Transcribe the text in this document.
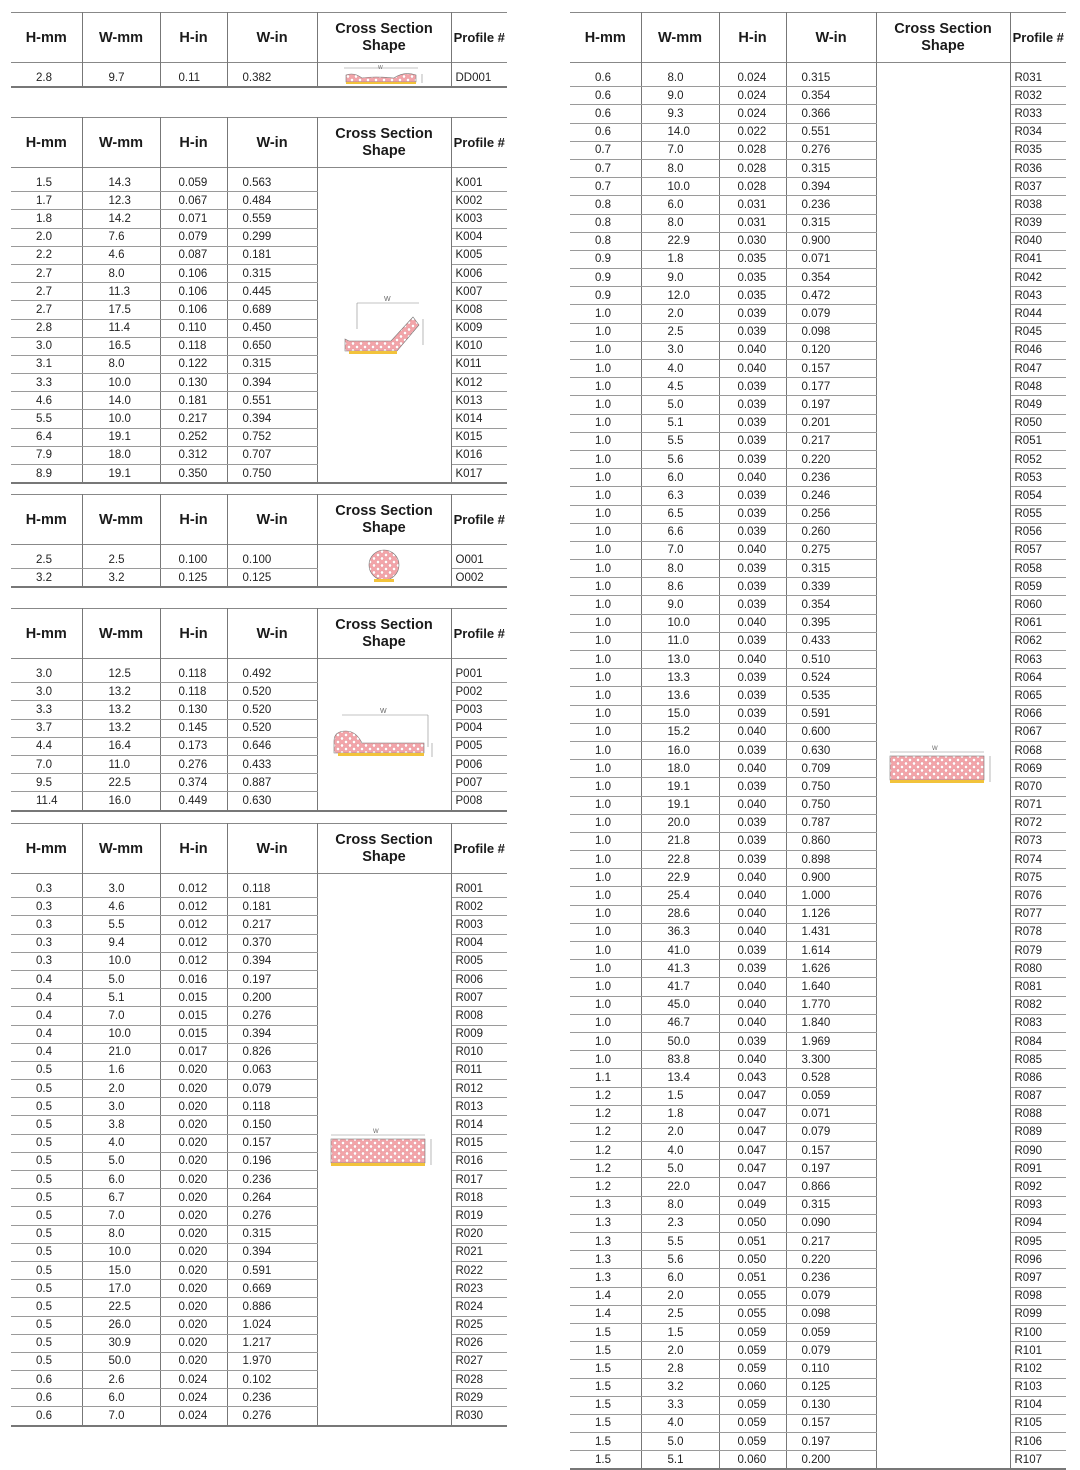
H-mm	W-mm	H-in	W-in	Cross Section
Shape	Profile #

W	

2.8	9.7	0.11	0.382		DD001
H-mm	W-mm	H-in	W-in	Cross Section
Shape	Profile #

W	

1.5	14.3	0.059	0.563		K001
1.7	12.3	0.067	0.484		K002
1.8	14.2	0.071	0.559		K003
2.0	7.6	0.079	0.299		K004
2.2	4.6	0.087	0.181		K005
2.7	8.0	0.106	0.315		K006
2.7	11.3	0.106	0.445		K007
2.7	17.5	0.106	0.689		K008
2.8	11.4	0.110	0.450		K009
3.0	16.5	0.118	0.650		K010
3.1	8.0	0.122	0.315		K011
3.3	10.0	0.130	0.394		K012
4.6	14.0	0.181	0.551		K013
5.5	10.0	0.217	0.394		K014
6.4	19.1	0.252	0.752		K015
7.9	18.0	0.312	0.707		K016
8.9	19.1	0.350	0.750		K017
H-mm	W-mm	H-in	W-in	Cross Section
Shape	Profile #

2.5	2.5	0.100	0.100		O001
3.2	3.2	0.125	0.125		O002
H-mm	W-mm	H-in	W-in	Cross Section
Shape	Profile #

W	

3.0	12.5	0.118	0.492		P001
3.0	13.2	0.118	0.520		P002
3.3	13.2	0.130	0.520		P003
3.7	13.2	0.145	0.520		P004
4.4	16.4	0.173	0.646		P005
7.0	11.0	0.276	0.433		P006
9.5	22.5	0.374	0.887		P007
11.4	16.0	0.449	0.630		P008
H-mm	W-mm	H-in	W-in	Cross Section
Shape	Profile #

W	

0.3	3.0	0.012	0.118		R001
0.3	4.6	0.012	0.181		R002
0.3	5.5	0.012	0.217		R003
0.3	9.4	0.012	0.370		R004
0.3	10.0	0.012	0.394		R005
0.4	5.0	0.016	0.197		R006
0.4	5.1	0.015	0.200		R007
0.4	7.0	0.015	0.276		R008
0.4	10.0	0.015	0.394		R009
0.4	21.0	0.017	0.826		R010
0.5	1.6	0.020	0.063		R011
0.5	2.0	0.020	0.079		R012
0.5	3.0	0.020	0.118		R013
0.5	3.8	0.020	0.150		R014
0.5	4.0	0.020	0.157		R015
0.5	5.0	0.020	0.196		R016
0.5	6.0	0.020	0.236		R017
0.5	6.7	0.020	0.264		R018
0.5	7.0	0.020	0.276		R019
0.5	8.0	0.020	0.315		R020
0.5	10.0	0.020	0.394		R021
0.5	15.0	0.020	0.591		R022
0.5	17.0	0.020	0.669		R023
0.5	22.5	0.020	0.886		R024
0.5	26.0	0.020	1.024		R025
0.5	30.9	0.020	1.217		R026
0.5	50.0	0.020	1.970		R027
0.6	2.6	0.024	0.102		R028
0.6	6.0	0.024	0.236		R029
0.6	7.0	0.024	0.276		R030
H-mm	W-mm	H-in	W-in	Cross Section
Shape	Profile #

W	

0.6	8.0	0.024	0.315		R031
0.6	9.0	0.024	0.354		R032
0.6	9.3	0.024	0.366		R033
0.6	14.0	0.022	0.551		R034
0.7	7.0	0.028	0.276		R035
0.7	8.0	0.028	0.315		R036
0.7	10.0	0.028	0.394		R037
0.8	6.0	0.031	0.236		R038
0.8	8.0	0.031	0.315		R039
0.8	22.9	0.030	0.900		R040
0.9	1.8	0.035	0.071		R041
0.9	9.0	0.035	0.354		R042
0.9	12.0	0.035	0.472		R043
1.0	2.0	0.039	0.079		R044
1.0	2.5	0.039	0.098		R045
1.0	3.0	0.040	0.120		R046
1.0	4.0	0.040	0.157		R047
1.0	4.5	0.039	0.177		R048
1.0	5.0	0.039	0.197		R049
1.0	5.1	0.039	0.201		R050
1.0	5.5	0.039	0.217		R051
1.0	5.6	0.039	0.220		R052
1.0	6.0	0.040	0.236		R053
1.0	6.3	0.039	0.246		R054
1.0	6.5	0.039	0.256		R055
1.0	6.6	0.039	0.260		R056
1.0	7.0	0.040	0.275		R057
1.0	8.0	0.039	0.315		R058
1.0	8.6	0.039	0.339		R059
1.0	9.0	0.039	0.354		R060
1.0	10.0	0.040	0.395		R061
1.0	11.0	0.039	0.433		R062
1.0	13.0	0.040	0.510		R063
1.0	13.3	0.039	0.524		R064
1.0	13.6	0.039	0.535		R065
1.0	15.0	0.039	0.591		R066
1.0	15.2	0.040	0.600		R067
1.0	16.0	0.039	0.630		R068
1.0	18.0	0.040	0.709		R069
1.0	19.1	0.039	0.750		R070
1.0	19.1	0.040	0.750		R071
1.0	20.0	0.039	0.787		R072
1.0	21.8	0.039	0.860		R073
1.0	22.8	0.039	0.898		R074
1.0	22.9	0.040	0.900		R075
1.0	25.4	0.040	1.000		R076
1.0	28.6	0.040	1.126		R077
1.0	36.3	0.040	1.431		R078
1.0	41.0	0.039	1.614		R079
1.0	41.3	0.039	1.626		R080
1.0	41.7	0.040	1.640		R081
1.0	45.0	0.040	1.770		R082
1.0	46.7	0.040	1.840		R083
1.0	50.0	0.039	1.969		R084
1.0	83.8	0.040	3.300		R085
1.1	13.4	0.043	0.528		R086
1.2	1.5	0.047	0.059		R087
1.2	1.8	0.047	0.071		R088
1.2	2.0	0.047	0.079		R089
1.2	4.0	0.047	0.157		R090
1.2	5.0	0.047	0.197		R091
1.2	22.0	0.047	0.866		R092
1.3	8.0	0.049	0.315		R093
1.3	2.3	0.050	0.090		R094
1.3	5.5	0.051	0.217		R095
1.3	5.6	0.050	0.220		R096
1.3	6.0	0.051	0.236		R097
1.4	2.0	0.055	0.079		R098
1.4	2.5	0.055	0.098		R099
1.5	1.5	0.059	0.059		R100
1.5	2.0	0.059	0.079		R101
1.5	2.8	0.059	0.110		R102
1.5	3.2	0.060	0.125		R103
1.5	3.3	0.059	0.130		R104
1.5	4.0	0.059	0.157		R105
1.5	5.0	0.059	0.197		R106
1.5	5.1	0.060	0.200		R107
